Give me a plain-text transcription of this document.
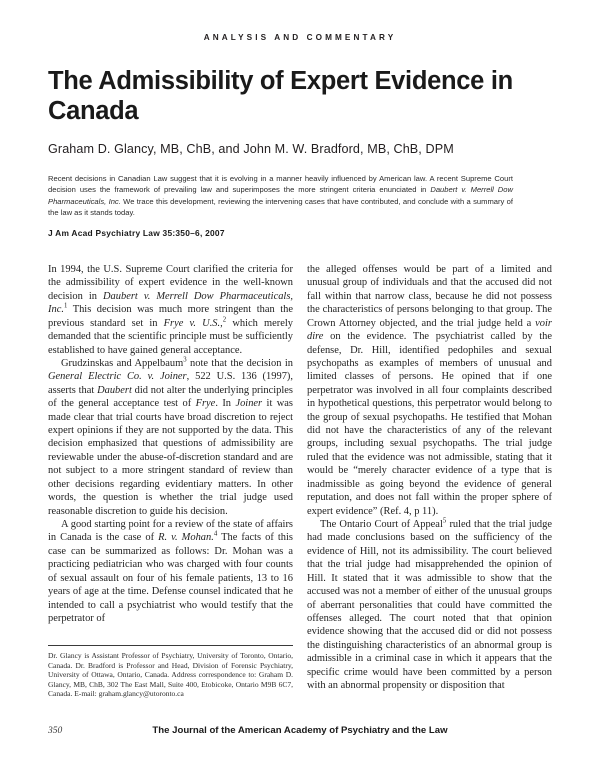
ANALYSIS AND COMMENTARY
The Admissibility of Expert Evidence in Canada
Graham D. Glancy, MB, ChB, and John M. W. Bradford, MB, ChB, DPM
Recent decisions in Canadian Law suggest that it is evolving in a manner heavily influenced by American law. A recent Supreme Court decision uses the framework of prevailing law and superimposes the more stringent criteria enunciated in Daubert v. Merrell Dow Pharmaceuticals, Inc. We trace this development, reviewing the intervening cases that have contributed, and conclude with a summary of the law as it stands today.
J Am Acad Psychiatry Law 35:350–6, 2007

In 1994, the U.S. Supreme Court clarified the criteria for the admissibility of expert evidence in the well-known decision in Daubert v. Merrell Dow Pharmaceuticals, Inc.$^1$ This decision was much more stringent than the previous standard set in Frye v. U.S.,$^2$ which merely demanded that the scientific principle must be sufficiently established to have gained general acceptance.

Grudzinskas and Appelbaum$^3$ note that the decision in General Electric Co. v. Joiner, 522 U.S. 136 (1997), asserts that Daubert did not alter the underlying principles of the general acceptance test of Frye. In Joiner it was made clear that trial courts have broad discretion to reject expert opinions if they are not supported by the data. This decision emphasized that questions of admissibility are reviewable under the abuse-of-discretion standard and are not subject to a more stringent standard of review than other decisions regarding evidentiary matters. In other words, the question is whether the trial judge used reasonable discretion to guide his decision.

A good starting point for a review of the state of affairs in Canada is the case of R. v. Mohan.$^4$ The facts of this case can be summarized as follows: Dr. Mohan was a practicing pediatrician who was charged with four counts of sexual assault on four of his female patients, 13 to 16 years of age at the time. Defense counsel indicated that he intended to call a psychiatrist who would testify that the perpetrator of

the alleged offenses would be part of a limited and unusual group of individuals and that the accused did not fall within that narrow class, because he did not possess the characteristics of persons belonging to that group. The Crown Attorney objected, and the trial judge held a voir dire on the evidence. The psychiatrist called by the defense, Dr. Hill, identified pedophiles and sexual psychopaths as examples of members of unusual and limited classes of persons. He opined that if one perpetrator was involved in all four complaints described in hypothetical questions, this perpetrator would belong to the group of sexual psychopaths. He testified that Mohan did not have the characteristics of any of the relevant groups, including sexual psychopaths. The trial judge ruled that the evidence was not admissible, stating that it would be “merely character evidence of a type that is inadmissible as going beyond the evidence of general reputation, and does not fall within the proper sphere of expert evidence” (Ref. 4, p 11).

The Ontario Court of Appeal$^5$ ruled that the trial judge had made conclusions based on the sufficiency of the evidence of Hill, not its admissibility. The court believed that the trial judge had misapprehended the opinion of Hill. It stated that it was admissible to show that the accused was not a member of either of the unusual groups of aberrant personalities that could have committed the offenses alleged. The court noted that that opinion evidence showing that the accused did or did not possess the distinguishing characteristics of an abnormal group is admissible in a criminal case in which it appears that the specific crime would have been committed by a person with an abnormal propensity or disposition that

Dr. Glancy is Assistant Professor of Psychiatry, University of Toronto, Ontario, Canada. Dr. Bradford is Professor and Head, Division of Forensic Psychiatry, University of Ottawa, Ontario, Canada. Address correspondence to: Graham D. Glancy, MB, ChB, 302 The East Mall, Suite 400, Etobicoke, Ontario M9B 6C7, Canada. E-mail: graham.glancy@utoronto.ca
The Journal of the American Academy of Psychiatry and the Law
350
